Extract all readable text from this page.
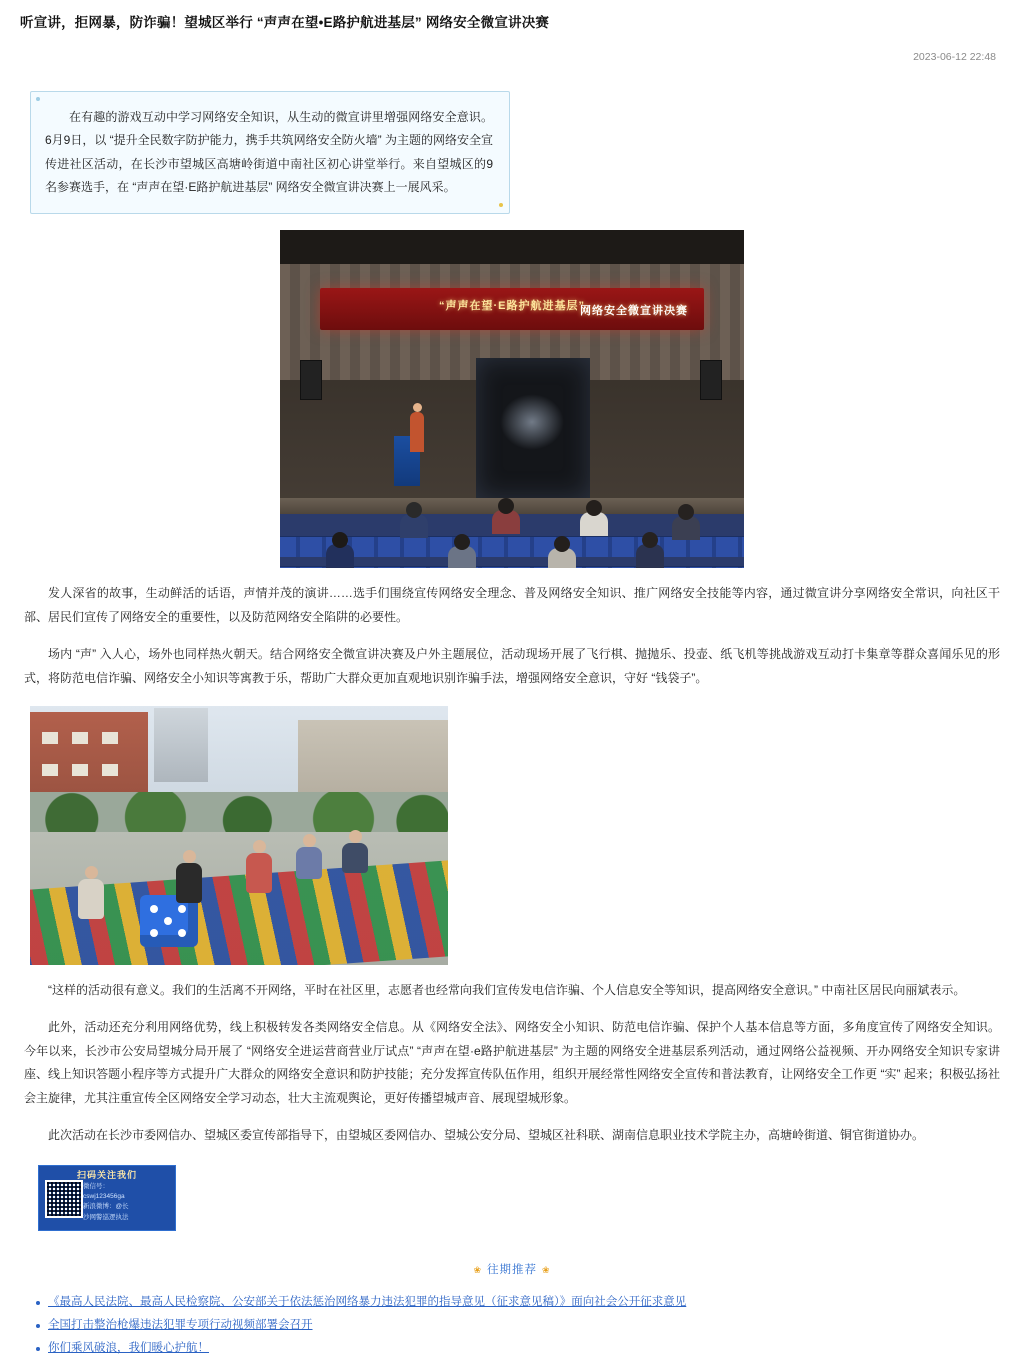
听宣讲，拒网暴，防诈骗！望城区举行 “声声在望•E路护航进基层” 网络安全微宣讲决赛
2023-06-12 22:48

在有趣的游戏互动中学习网络安全知识，从生动的微宣讲里增强网络安全意识。6月9日，以 “提升全民数字防护能力，携手共筑网络安全防火墙” 为主题的网络安全宣传进社区活动，在长沙市望城区高塘岭街道中南社区初心讲堂举行。来自望城区的9名参赛选手，在 “声声在望·E路护航进基层” 网络安全微宣讲决赛上一展风采。

“声声在望·E路护航进基层”
网络安全微宣讲决赛

发人深省的故事，生动鲜活的话语，声情并茂的演讲……选手们围绕宣传网络安全理念、普及网络安全知识、推广网络安全技能等内容，通过微宣讲分享网络安全常识，向社区干部、居民们宣传了网络安全的重要性，以及防范网络安全陷阱的必要性。

场内 “声” 入人心，场外也同样热火朝天。结合网络安全微宣讲决赛及户外主题展位，活动现场开展了飞行棋、抛抛乐、投壶、纸飞机等挑战游戏互动打卡集章等群众喜闻乐见的形式，将防范电信诈骗、网络安全小知识等寓教于乐，帮助广大群众更加直观地识别诈骗手法，增强网络安全意识，守好 “钱袋子”。

“这样的活动很有意义。我们的生活离不开网络，平时在社区里，志愿者也经常向我们宣传发电信诈骗、个人信息安全等知识，提高网络安全意识。” 中南社区居民向丽斌表示。

此外，活动还充分利用网络优势，线上积极转发各类网络安全信息。从《网络安全法》、网络安全小知识、防范电信诈骗、保护个人基本信息等方面，多角度宣传了网络安全知识。今年以来，长沙市公安局望城分局开展了 “网络安全进运营商营业厅试点” “声声在望·e路护航进基层” 为主题的网络安全进基层系列活动，通过网络公益视频、开办网络安全知识专家讲座、线上知识答题小程序等方式提升广大群众的网络安全意识和防护技能；充分发挥宣传队伍作用，组织开展经常性网络安全宣传和普法教育，让网络安全工作更 “实” 起来；积极弘扬社会主旋律，尤其注重宣传全区网络安全学习动态，壮大主流观舆论，更好传播望城声音、展现望城形象。

此次活动在长沙市委网信办、望城区委宣传部指导下，由望城区委网信办、望城公安分局、望城区社科联、湖南信息职业技术学院主办，高塘岭街道、铜官街道协办。

扫码关注我们
微信号：
cswj123456ga
新浪微博：@长
沙网警巡逻执法
❀ 往期推荐 ❀
《最高人民法院、最高人民检察院、公安部关于依法惩治网络暴力违法犯罪的指导意见（征求意见稿）》面向社会公开征求意见
全国打击整治枪爆违法犯罪专项行动视频部署会召开
你们乘风破浪，我们暖心护航！
